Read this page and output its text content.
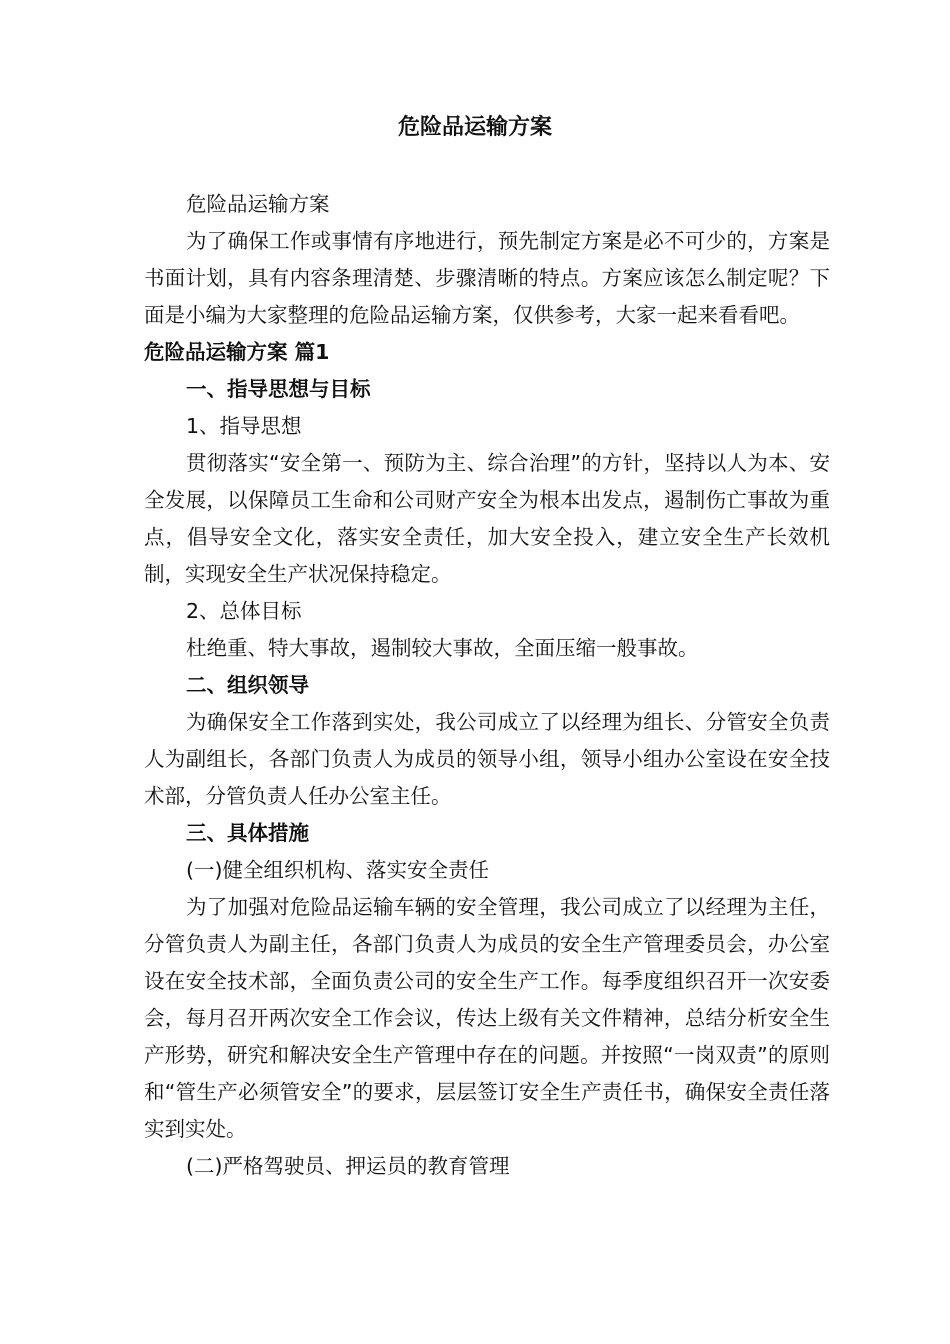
危险品运输方案

危险品运输方案

为了确保工作或事情有序地进行，预先制定方案是必不可少的，方案是书面计划，具有内容条理清楚、步骤清晰的特点。方案应该怎么制定呢？下面是小编为大家整理的危险品运输方案，仅供参考，大家一起来看看吧。

危险品运输方案 篇1

一、指导思想与目标

1、指导思想

贯彻落实“安全第一、预防为主、综合治理”的方针，坚持以人为本、安全发展，以保障员工生命和公司财产安全为根本出发点，遏制伤亡事故为重点，倡导安全文化，落实安全责任，加大安全投入，建立安全生产长效机制，实现安全生产状况保持稳定。

2、总体目标

杜绝重、特大事故，遏制较大事故，全面压缩一般事故。

二、组织领导

为确保安全工作落到实处，我公司成立了以经理为组长、分管安全负责人为副组长，各部门负责人为成员的领导小组，领导小组办公室设在安全技术部，分管负责人任办公室主任。

三、具体措施

(一)健全组织机构、落实安全责任

为了加强对危险品运输车辆的安全管理，我公司成立了以经理为主任，分管负责人为副主任，各部门负责人为成员的安全生产管理委员会，办公室设在安全技术部，全面负责公司的安全生产工作。每季度组织召开一次安委会，每月召开两次安全工作会议，传达上级有关文件精神，总结分析安全生产形势，研究和解决安全生产管理中存在的问题。并按照“一岗双责”的原则和“管生产必须管安全”的要求，层层签订安全生产责任书，确保安全责任落实到实处。

(二)严格驾驶员、押运员的教育管理
